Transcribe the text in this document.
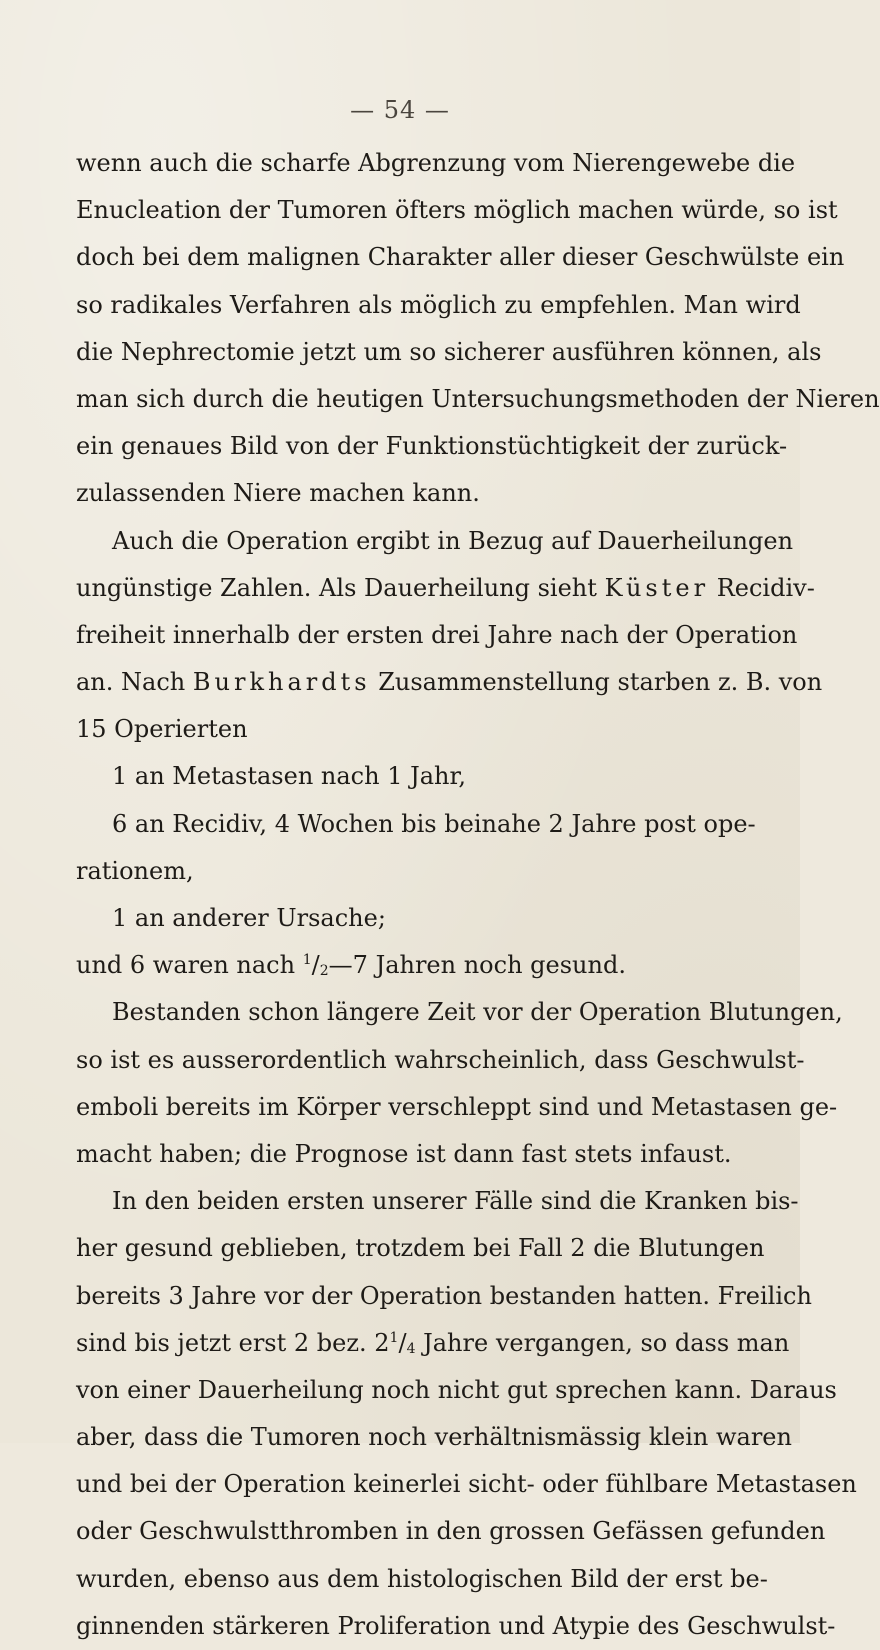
— 54 —
wenn auch die scharfe Abgrenzung vom Nierengewebe die
Enucleation der Tumoren öfters möglich machen würde, so ist
doch bei dem malignen Charakter aller dieser Geschwülste ein
so radikales Verfahren als möglich zu empfehlen. Man wird
die Nephrectomie jetzt um so sicherer ausführen können, als
man sich durch die heutigen Untersuchungsmethoden der Nieren
ein genaues Bild von der Funktionstüchtigkeit der zurück-
zulassenden Niere machen kann.
Auch die Operation ergibt in Bezug auf Dauerheilungen
ungünstige Zahlen. Als Dauerheilung sieht Küster Recidiv-
freiheit innerhalb der ersten drei Jahre nach der Operation
an. Nach Burkhardts Zusammenstellung starben z. B. von
15 Operierten
1 an Metastasen nach 1 Jahr,
6 an Recidiv, 4 Wochen bis beinahe 2 Jahre post ope-
rationem,
1 an anderer Ursache;
und 6 waren nach $^1/_2—7$ Jahren noch gesund.
Bestanden schon längere Zeit vor der Operation Blutungen,
so ist es ausserordentlich wahrscheinlich, dass Geschwulst-
emboli bereits im Körper verschleppt sind und Metastasen ge-
macht haben; die Prognose ist dann fast stets infaust.
In den beiden ersten unserer Fälle sind die Kranken bis-
her gesund geblieben, trotzdem bei Fall 2 die Blutungen
bereits 3 Jahre vor der Operation bestanden hatten. Freilich
sind bis jetzt erst 2 bez. $2^1/_4$ Jahre vergangen, so dass man
von einer Dauerheilung noch nicht gut sprechen kann. Daraus
aber, dass die Tumoren noch verhältnismässig klein waren
und bei der Operation keinerlei sicht- oder fühlbare Metastasen
oder Geschwulstthromben in den grossen Gefässen gefunden
wurden, ebenso aus dem histologischen Bild der erst be-
ginnenden stärkeren Proliferation und Atypie des Geschwulst-
